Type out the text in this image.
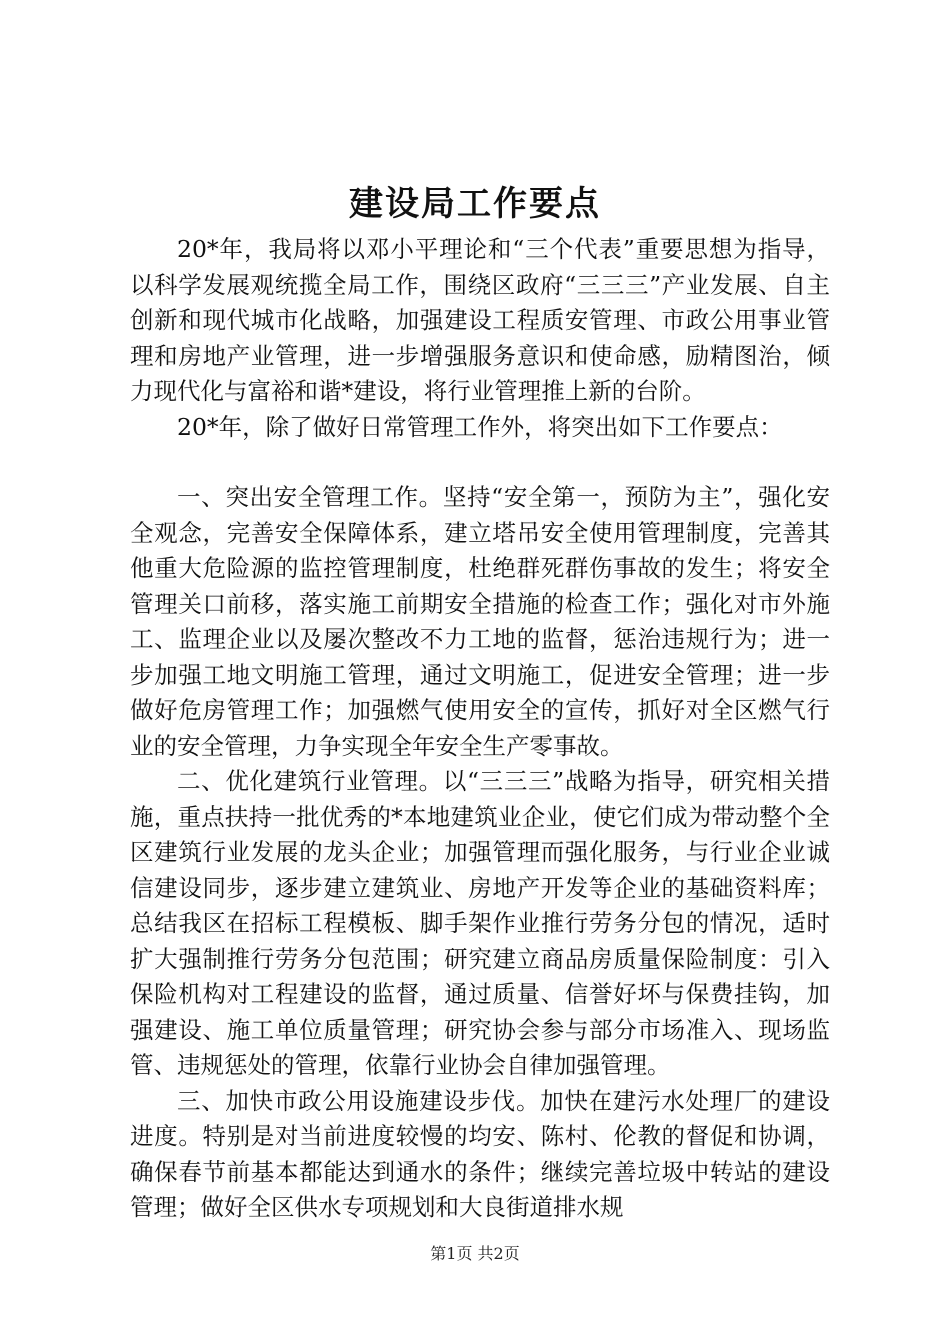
建设局工作要点

20*年，我局将以邓小平理论和“三个代表”重要思想为指导，以科学发展观统揽全局工作，围绕区政府“三三三”产业发展、自主创新和现代城市化战略，加强建设工程质安管理、市政公用事业管理和房地产业管理，进一步增强服务意识和使命感，励精图治，倾力现代化与富裕和谐*建设，将行业管理推上新的台阶。

20*年，除了做好日常管理工作外，将突出如下工作要点：

一、突出安全管理工作。坚持“安全第一，预防为主”，强化安全观念，完善安全保障体系，建立塔吊安全使用管理制度，完善其他重大危险源的监控管理制度，杜绝群死群伤事故的发生；将安全管理关口前移，落实施工前期安全措施的检查工作；强化对市外施工、监理企业以及屡次整改不力工地的监督，惩治违规行为；进一步加强工地文明施工管理，通过文明施工，促进安全管理；进一步做好危房管理工作；加强燃气使用安全的宣传，抓好对全区燃气行业的安全管理，力争实现全年安全生产零事故。

二、优化建筑行业管理。以“三三三”战略为指导，研究相关措施，重点扶持一批优秀的*本地建筑业企业，使它们成为带动整个全区建筑行业发展的龙头企业；加强管理而强化服务，与行业企业诚信建设同步，逐步建立建筑业、房地产开发等企业的基础资料库；总结我区在招标工程模板、脚手架作业推行劳务分包的情况，适时扩大强制推行劳务分包范围；研究建立商品房质量保险制度：引入保险机构对工程建设的监督，通过质量、信誉好坏与保费挂钩，加强建设、施工单位质量管理；研究协会参与部分市场准入、现场监管、违规惩处的管理，依靠行业协会自律加强管理。

三、加快市政公用设施建设步伐。加快在建污水处理厂的建设进度。特别是对当前进度较慢的均安、陈村、伦教的督促和协调，确保春节前基本都能达到通水的条件；继续完善垃圾中转站的建设管理；做好全区供水专项规划和大良街道排水规

第1页 共2页
